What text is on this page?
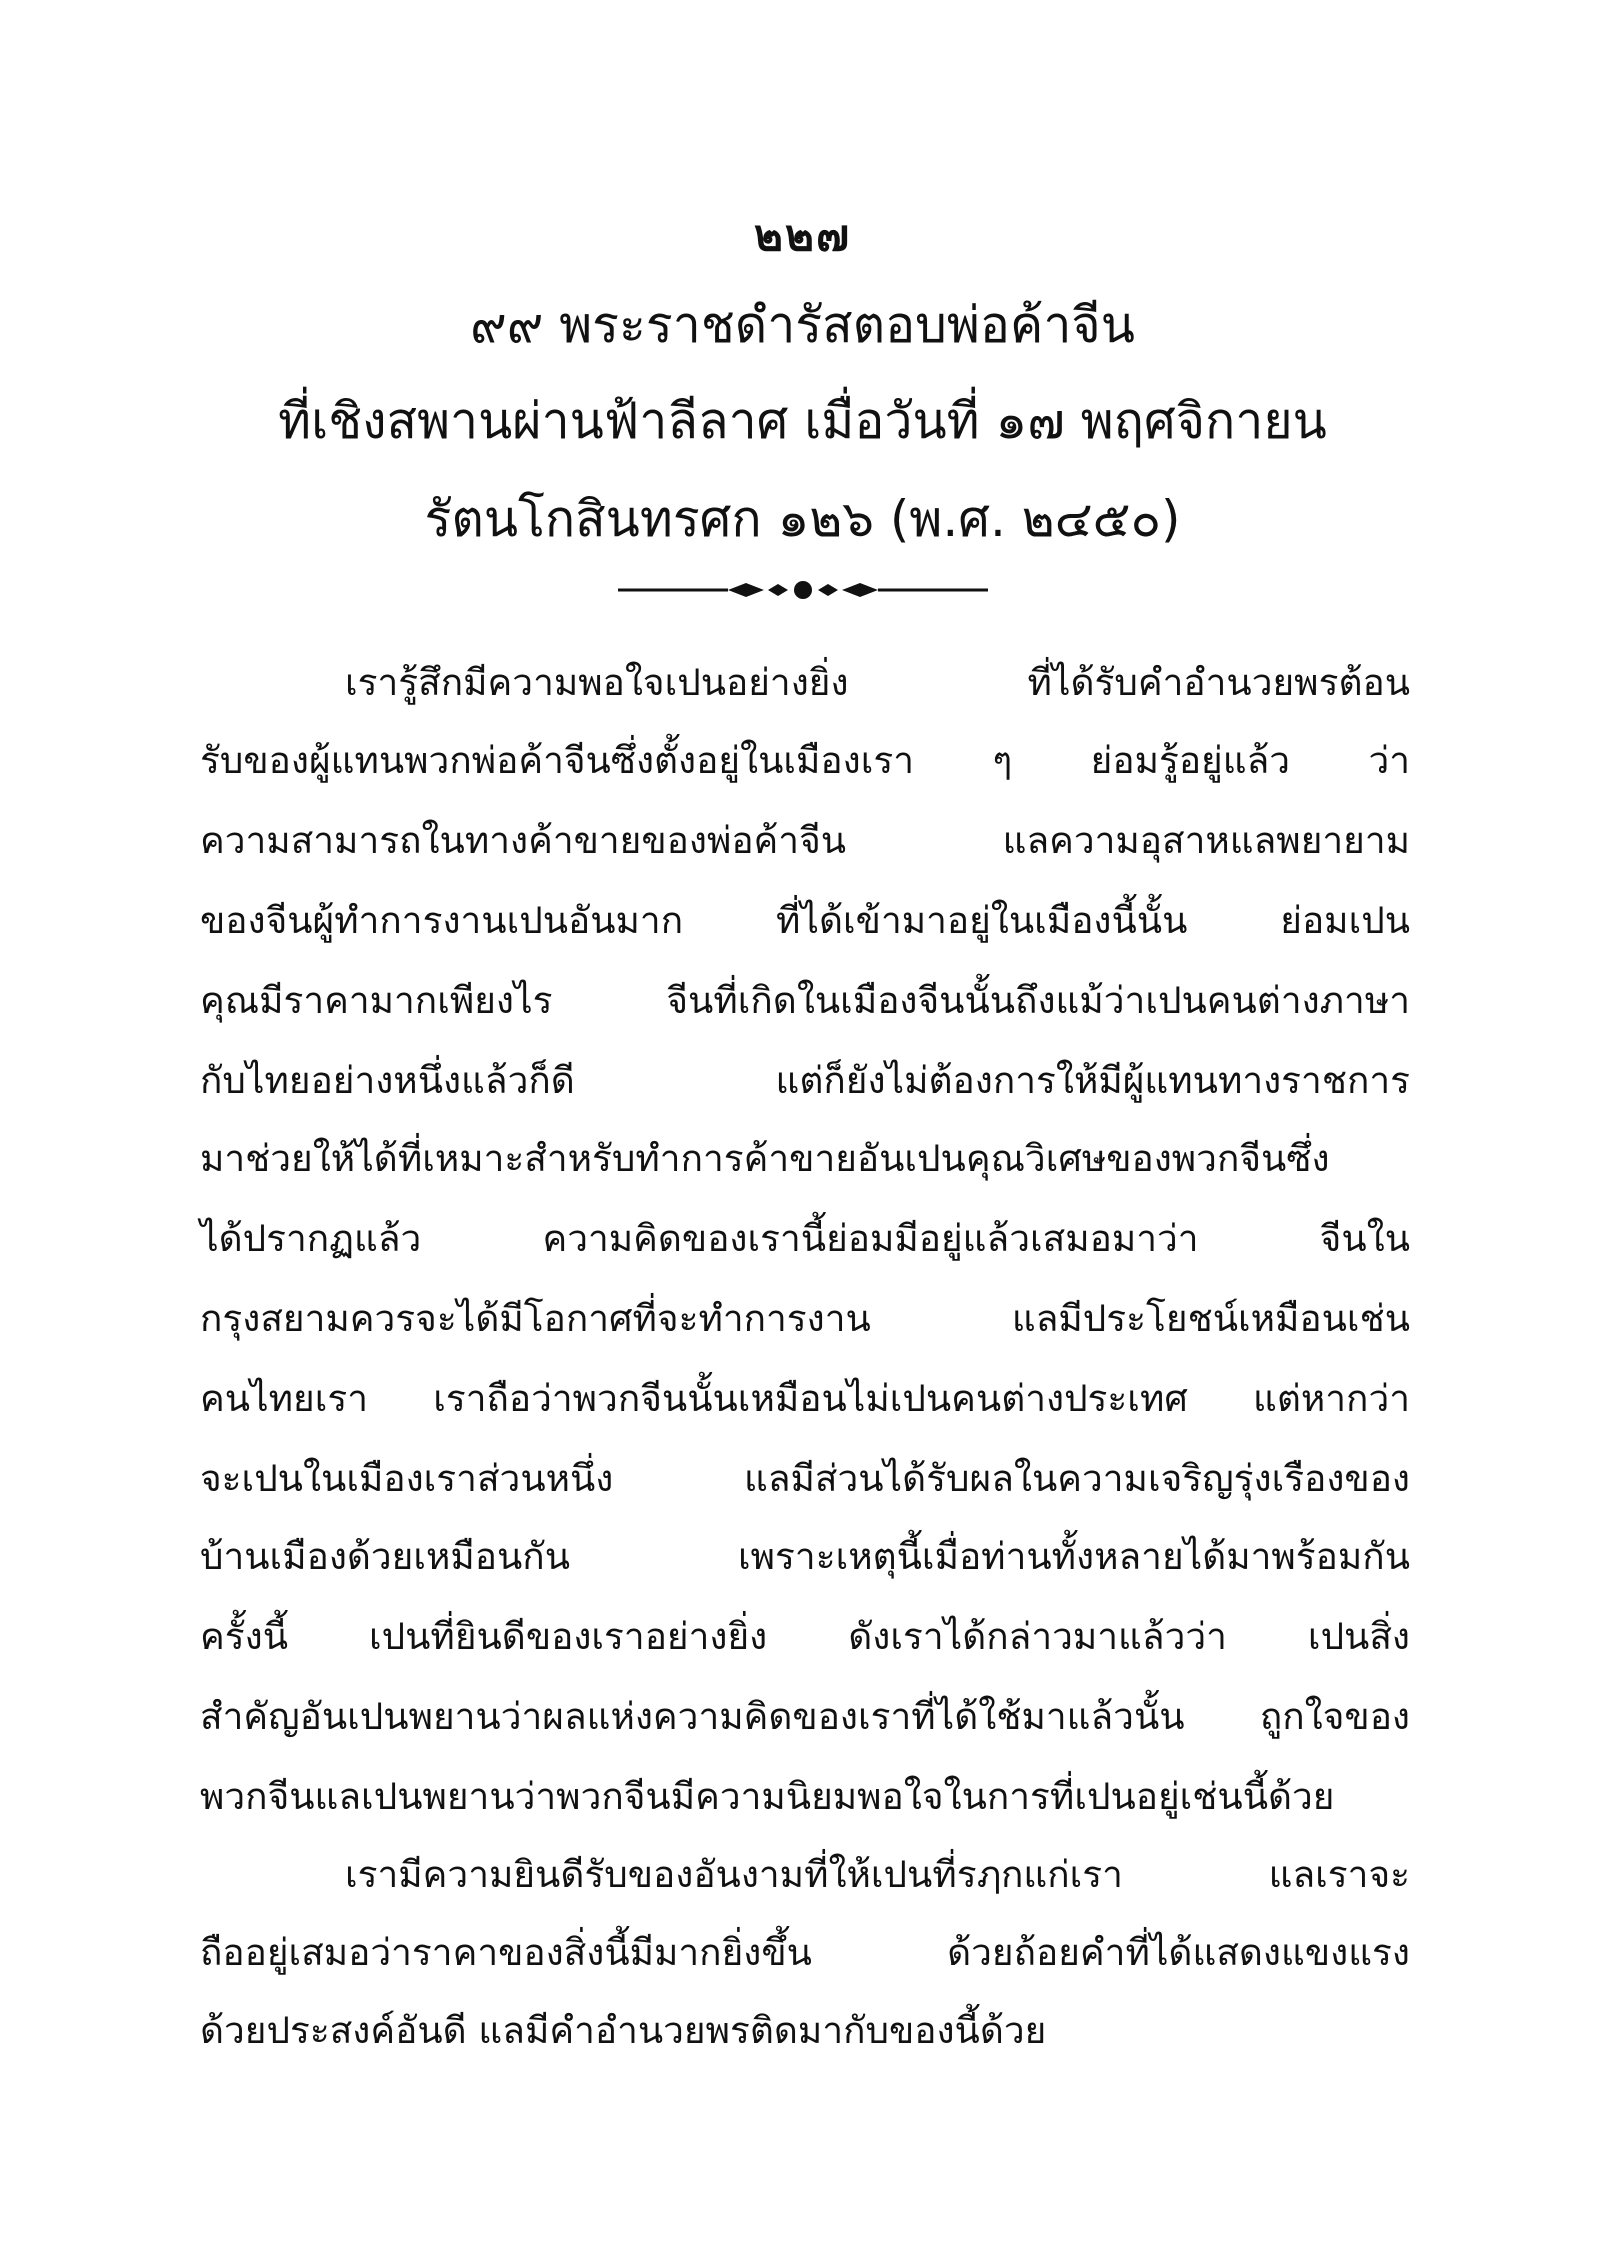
๒๒๗
๙๙ พระราชดำรัสตอบพ่อค้าจีน
ที่เชิงสพานผ่านฟ้าลีลาศ เมื่อวันที่ ๑๗ พฤศจิกายน
รัตนโกสินทรศก ๑๒๖ (พ.ศ. ๒๔๕๐)
เรารู้สึกมีความพอใจเปนอย่างยิ่ง ที่ได้รับคำอำนวยพรต้อน
รับของผู้แทนพวกพ่อค้าจีนซึ่งตั้งอยู่ในเมืองเรา ๆ ย่อมรู้อยู่แล้ว ว่า
ความสามารถในทางค้าขายของพ่อค้าจีน แลความอุสาหแลพยายาม
ของจีนผู้ทำการงานเปนอันมาก ที่ได้เข้ามาอยู่ในเมืองนี้นั้น ย่อมเปน
คุณมีราคามากเพียงไร จีนที่เกิดในเมืองจีนนั้นถึงแม้ว่าเปนคนต่างภาษา
กับไทยอย่างหนึ่งแล้วก็ดี แต่ก็ยังไม่ต้องการให้มีผู้แทนทางราชการ
มาช่วยให้ได้ที่เหมาะสำหรับทำการค้าขายอันเปนคุณวิเศษของพวกจีนซึ่ง
ได้ปรากฏแล้ว ความคิดของเรานี้ย่อมมีอยู่แล้วเสมอมาว่า จีนใน
กรุงสยามควรจะได้มีโอกาศที่จะทำการงาน แลมีประโยชน์เหมือนเช่น
คนไทยเรา เราถือว่าพวกจีนนั้นเหมือนไม่เปนคนต่างประเทศ แต่หากว่า
จะเปนในเมืองเราส่วนหนึ่ง แลมีส่วนได้รับผลในความเจริญรุ่งเรืองของ
บ้านเมืองด้วยเหมือนกัน เพราะเหตุนี้เมื่อท่านทั้งหลายได้มาพร้อมกัน
ครั้งนี้ เปนที่ยินดีของเราอย่างยิ่ง ดังเราได้กล่าวมาแล้วว่า เปนสิ่ง
สำคัญอันเปนพยานว่าผลแห่งความคิดของเราที่ได้ใช้มาแล้วนั้น ถูกใจของ
พวกจีนแลเปนพยานว่าพวกจีนมีความนิยมพอใจในการที่เปนอยู่เช่นนี้ด้วย
เรามีความยินดีรับของอันงามที่ให้เปนที่รฦกแก่เรา แลเราจะ
ถืออยู่เสมอว่าราคาของสิ่งนี้มีมากยิ่งขึ้น ด้วยถ้อยคำที่ได้แสดงแขงแรง
ด้วยประสงค์อันดี แลมีคำอำนวยพรติดมากับของนี้ด้วย
